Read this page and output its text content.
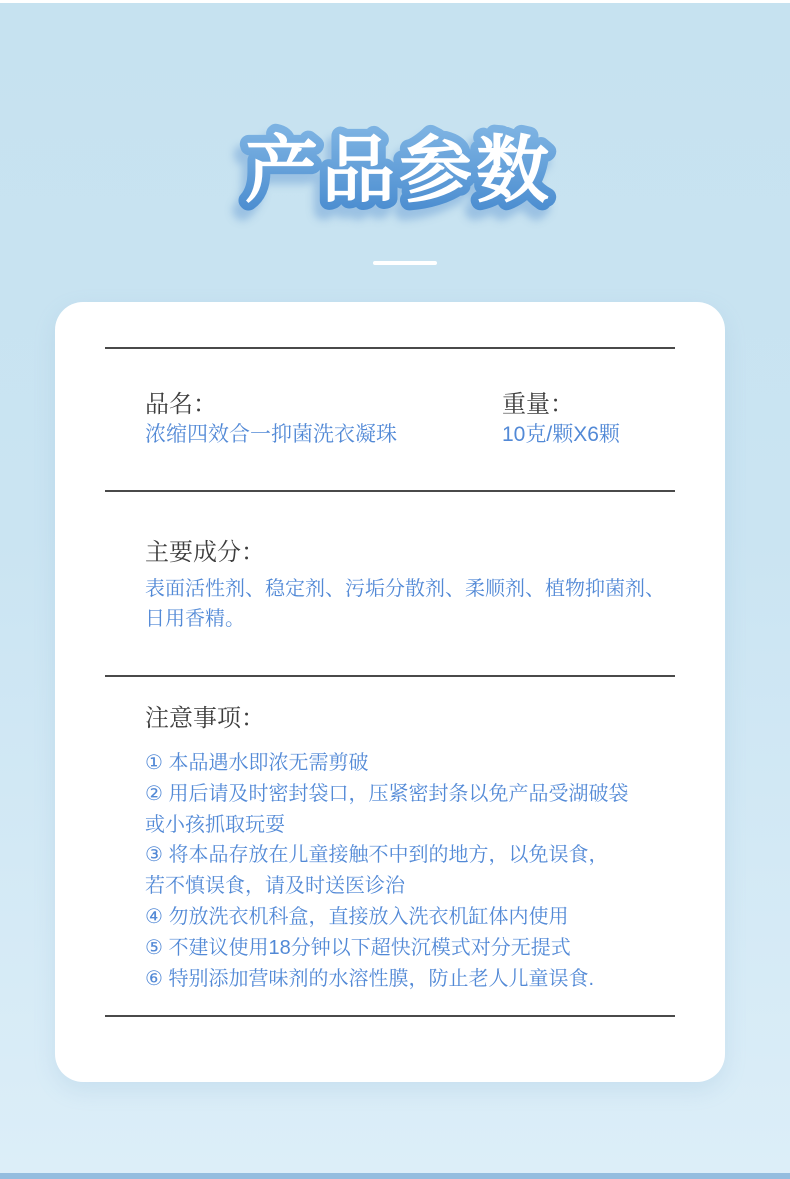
产品参数
品名：
浓缩四效合一抑菌洗衣凝珠
重量：
10克/颗X6颗
主要成分：
表面活性剂、稳定剂、污垢分散剂、柔顺剂、植物抑菌剂、日用香精。
注意事项：
① 本品遇水即浓无需剪破
② 用后请及时密封袋口，压紧密封条以免产品受湖破袋
或小孩抓取玩耍
③ 将本品存放在儿童接触不中到的地方，以免误食，
若不慎误食，请及时送医诊治
④ 勿放洗衣机科盒，直接放入洗衣机缸体内使用
⑤ 不建议使用18分钟以下超快沉模式对分无提式
⑥ 特别添加营味剂的水溶性膜，防止老人儿童误食.
